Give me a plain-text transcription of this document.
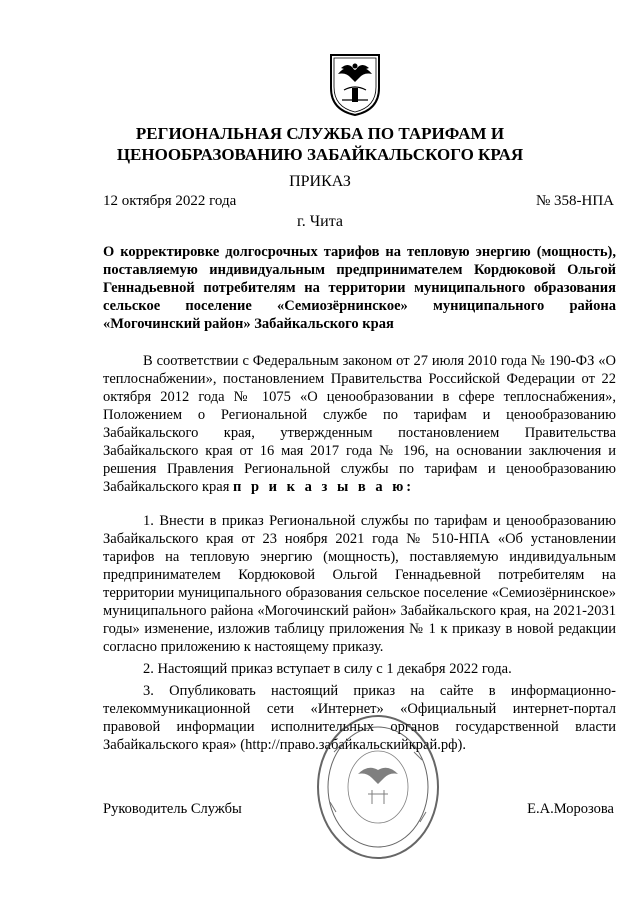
РЕГИОНАЛЬНАЯ СЛУЖБА ПО ТАРИФАМ И ЦЕНООБРАЗОВАНИЮ ЗАБАЙКАЛЬСКОГО КРАЯ
ПРИКАЗ
12 октября 2022 года	№ 358-НПА
г. Чита
О корректировке долгосрочных тарифов на тепловую энергию (мощность), поставляемую индивидуальным предпринимателем Кордюковой Ольгой Геннадьевной потребителям на территории муниципального образования сельское поселение «Семиозёрнинское» муниципального района «Могочинский район» Забайкальского края
В соответствии с Федеральным законом от 27 июля 2010 года № 190-ФЗ «О теплоснабжении», постановлением Правительства Российской Федерации от 22 октября 2012 года № 1075 «О ценообразовании в сфере теплоснабжения», Положением о Региональной службе по тарифам и ценообразованию Забайкальского края, утвержденным постановлением Правительства Забайкальского края от 16 мая 2017 года № 196, на основании заключения и решения Правления Региональной службы по тарифам и ценообразованию Забайкальского края п р и к а з ы в а ю:

1. Внести в приказ Региональной службы по тарифам и ценообразованию Забайкальского края от 23 ноября 2021 года № 510-НПА «Об установлении тарифов на тепловую энергию (мощность), поставляемую индивидуальным предпринимателем Кордюковой Ольгой Геннадьевной потребителям на территории муниципального образования сельское поселение «Семиозёрнинское» муниципального района «Могочинский район» Забайкальского края, на 2021-2031 годы» изменение, изложив таблицу приложения № 1 к приказу в новой редакции согласно приложению к настоящему приказу.

2. Настоящий приказ вступает в силу с 1 декабря 2022 года.

3. Опубликовать настоящий приказ на сайте в информационно-телекоммуникационной сети «Интернет» «Официальный интернет-портал правовой информации исполнительных органов государственной власти Забайкальского края» (http://право.забайкальскийкрай.рф).

Руководитель Службы	Е.А.Морозова
